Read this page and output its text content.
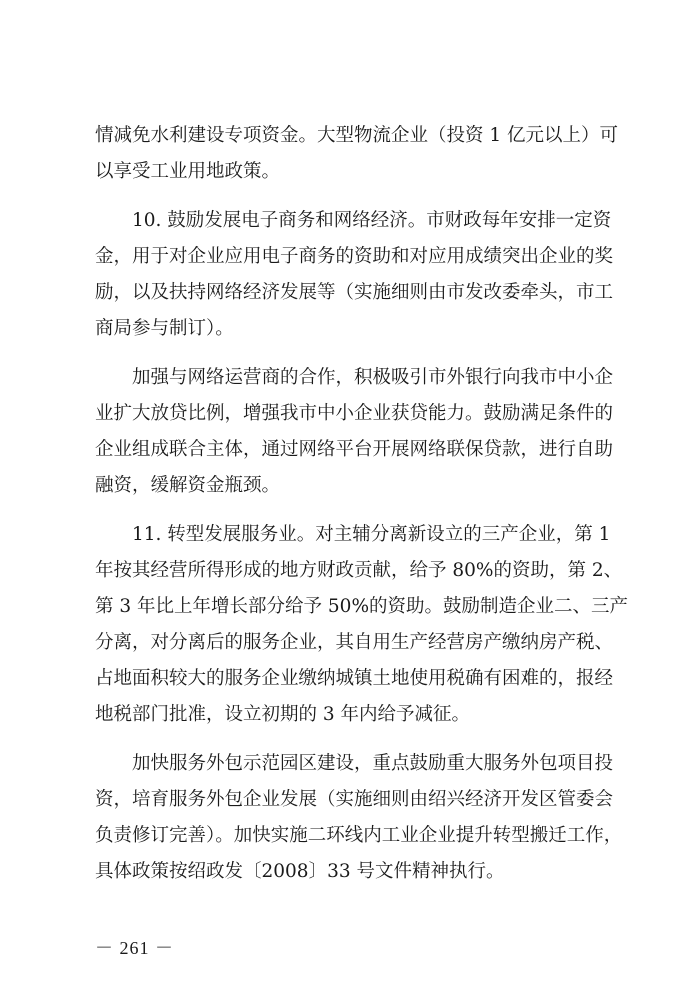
情减免水利建设专项资金。大型物流企业（投资 1 亿元以上）可
以享受工业用地政策。

10. 鼓励发展电子商务和网络经济。市财政每年安排一定资
金，用于对企业应用电子商务的资助和对应用成绩突出企业的奖
励，以及扶持网络经济发展等（实施细则由市发改委牵头，市工
商局参与制订）。

加强与网络运营商的合作，积极吸引市外银行向我市中小企
业扩大放贷比例，增强我市中小企业获贷能力。鼓励满足条件的
企业组成联合主体，通过网络平台开展网络联保贷款，进行自助
融资，缓解资金瓶颈。

11. 转型发展服务业。对主辅分离新设立的三产企业，第 1
年按其经营所得形成的地方财政贡献，给予 80%的资助，第 2、
第 3 年比上年增长部分给予 50%的资助。鼓励制造企业二、三产
分离，对分离后的服务企业，其自用生产经营房产缴纳房产税、
占地面积较大的服务企业缴纳城镇土地使用税确有困难的，报经
地税部门批准，设立初期的 3 年内给予减征。

加快服务外包示范园区建设，重点鼓励重大服务外包项目投
资，培育服务外包企业发展（实施细则由绍兴经济开发区管委会
负责修订完善）。加快实施二环线内工业企业提升转型搬迁工作，
具体政策按绍政发〔2008〕33 号文件精神执行。

－ 261 －
